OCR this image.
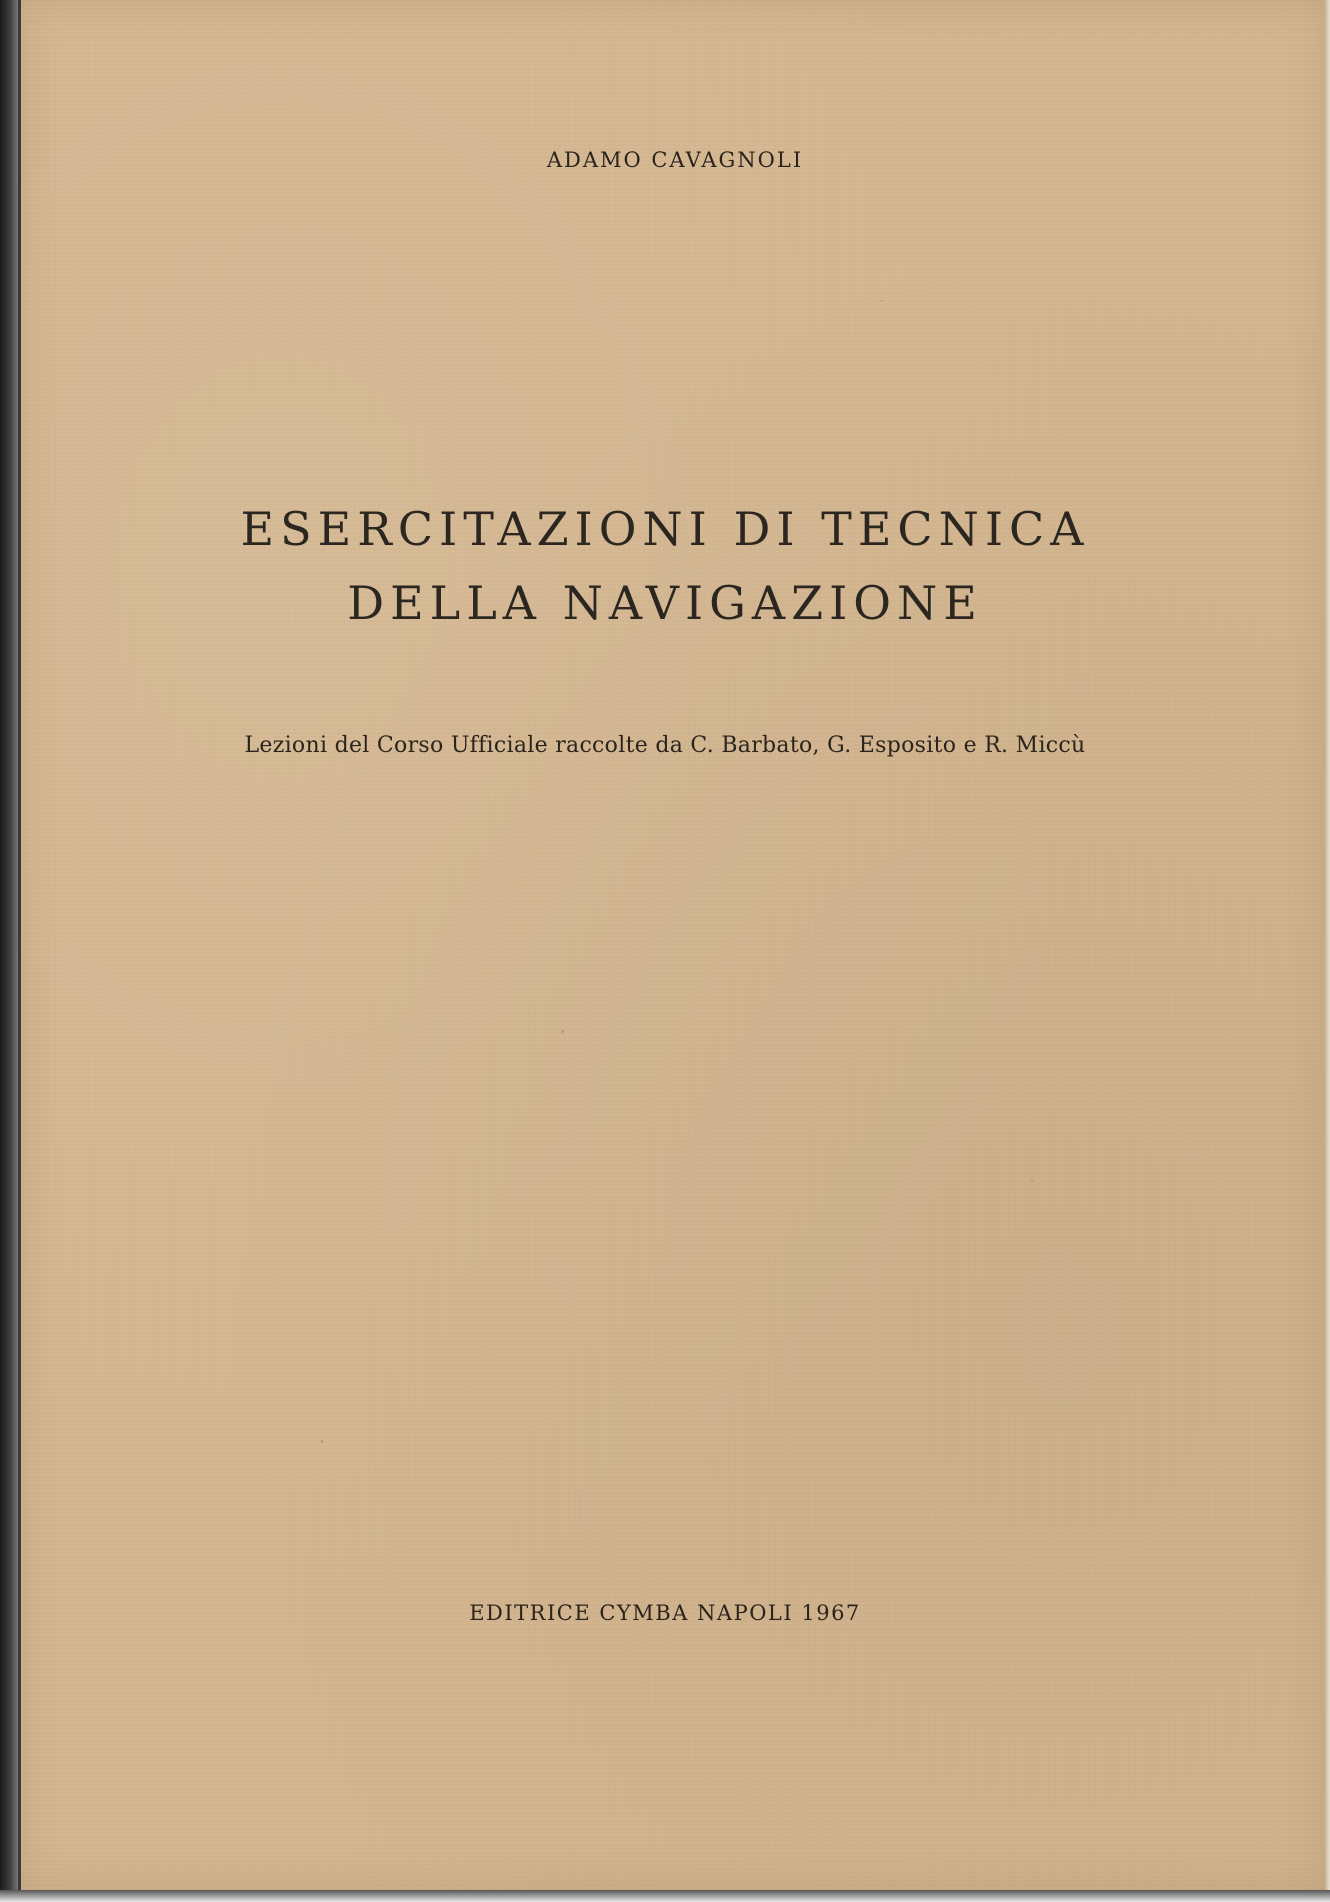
ADAMO CAVAGNOLI
ESERCITAZIONI DI TECNICA
DELLA NAVIGAZIONE
Lezioni del Corso Ufficiale raccolte da C. Barbato, G. Esposito e R. Miccù
EDITRICE CYMBA NAPOLI 1967
